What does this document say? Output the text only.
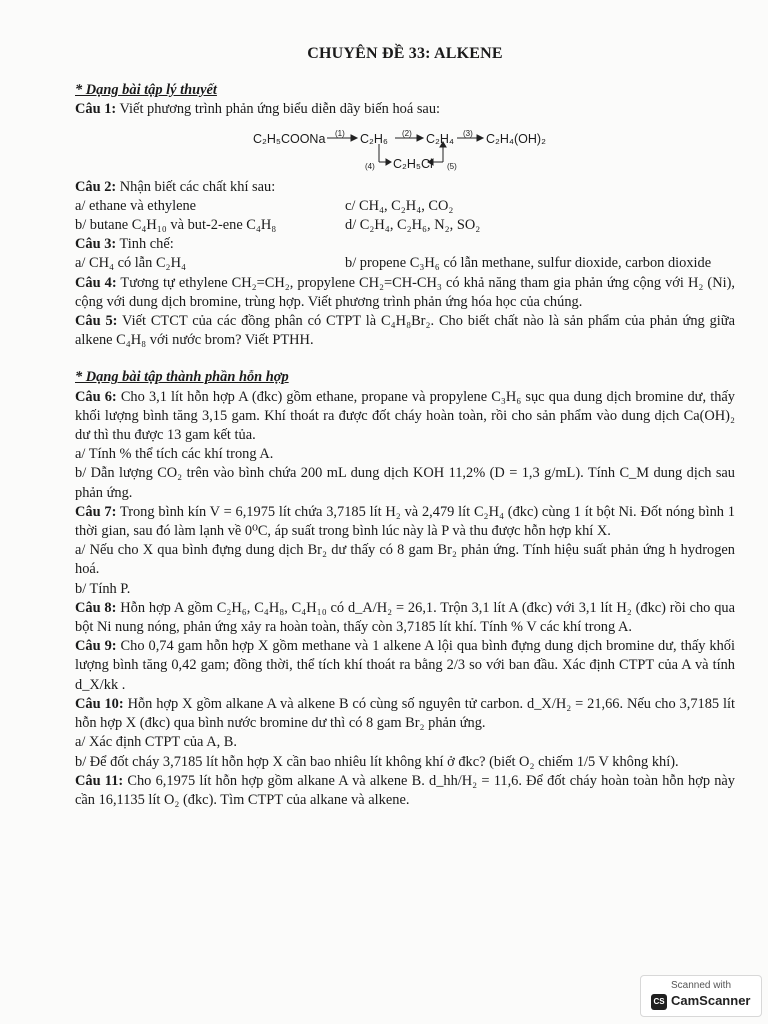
CHUYÊN ĐỀ 33: ALKENE

* Dạng bài tập lý thuyết

Câu 1: Viết phương trình phản ứng biểu diễn dãy biến hoá sau:

C₂H₅COONa	C₂H₆	C₂H₄	C₂H₄(OH)₂
C₂H₅Cl
(1)	(2)	(3)
(4)	(5)

Câu 2: Nhận biết các chất khí sau:

a/ ethane và ethylene	c/ CH₄, C₂H₄, CO₂
b/ butane C₄H₁₀ và but-2-ene C₄H₈	d/ C₂H₄, C₂H₆, N₂, SO₂

Câu 3: Tinh chế:

a/ CH₄ có lẫn C₂H₄	b/ propene C₃H₆ có lẫn methane, sulfur dioxide, carbon dioxide

Câu 4: Tương tự ethylene CH₂=CH₂, propylene CH₂=CH-CH₃ có khả năng tham gia phản ứng cộng với H₂ (Ni), cộng với dung dịch bromine, trùng hợp. Viết phương trình phản ứng hóa học của chúng.

Câu 5: Viết CTCT của các đồng phân có CTPT là C₄H₈Br₂. Cho biết chất nào là sản phẩm của phản ứng giữa alkene C₄H₈ với nước brom? Viết PTHH.

* Dạng bài tập thành phần hỗn hợp

Câu 6: Cho 3,1 lít hỗn hợp A (đkc) gồm ethane, propane và propylene C₃H₆ sục qua dung dịch bromine dư, thấy khối lượng bình tăng 3,15 gam. Khí thoát ra được đốt cháy hoàn toàn, rồi cho sản phẩm vào dung dịch Ca(OH)₂ dư thì thu được 13 gam kết tủa.

a/ Tính % thể tích các khí trong A.

b/ Dẫn lượng CO₂ trên vào bình chứa 200 mL dung dịch KOH 11,2% (D = 1,3 g/mL). Tính C_M dung dịch sau phản ứng.

Câu 7: Trong bình kín V = 6,1975 lít chứa 3,7185 lít H₂ và 2,479 lít C₂H₄ (đkc) cùng 1 ít bột Ni. Đốt nóng bình 1 thời gian, sau đó làm lạnh về 0⁰C, áp suất trong bình lúc này là P và thu được hỗn hợp khí X.

a/ Nếu cho X qua bình đựng dung dịch Br₂ dư thấy có 8 gam Br₂ phản ứng. Tính hiệu suất phản ứng h hydrogen hoá.

b/ Tính P.

Câu 8: Hỗn hợp A gồm C₂H₆, C₄H₈, C₄H₁₀ có d_A/H₂ = 26,1. Trộn 3,1 lít A (đkc) với 3,1 lít H₂ (đkc) rồi cho qua bột Ni nung nóng, phản ứng xảy ra hoàn toàn, thấy còn 3,7185 lít khí. Tính % V các khí trong A.

Câu 9: Cho 0,74 gam hỗn hợp X gồm methane và 1 alkene A lội qua bình đựng dung dịch bromine dư, thấy khối lượng bình tăng 0,42 gam; đồng thời, thể tích khí thoát ra bằng 2/3 so với ban đầu. Xác định CTPT của A và tính d_X/kk .

Câu 10: Hỗn hợp X gồm alkane A và alkene B có cùng số nguyên tử carbon. d_X/H₂ = 21,66. Nếu cho 3,7185 lít hỗn hợp X (đkc) qua bình nước bromine dư thì có 8 gam Br₂ phản ứng.

a/ Xác định CTPT của A, B.

b/ Để đốt cháy 3,7185 lít hỗn hợp X cần bao nhiêu lít không khí ở đkc? (biết O₂ chiếm 1/5 V không khí).

Câu 11: Cho 6,1975 lít hỗn hợp gồm alkane A và alkene B. d_hh/H₂ = 11,6. Để đốt cháy hoàn toàn hỗn hợp này cần 16,1135 lít O₂ (đkc). Tìm CTPT của alkane và alkene.

Scanned with
CS CamScanner
